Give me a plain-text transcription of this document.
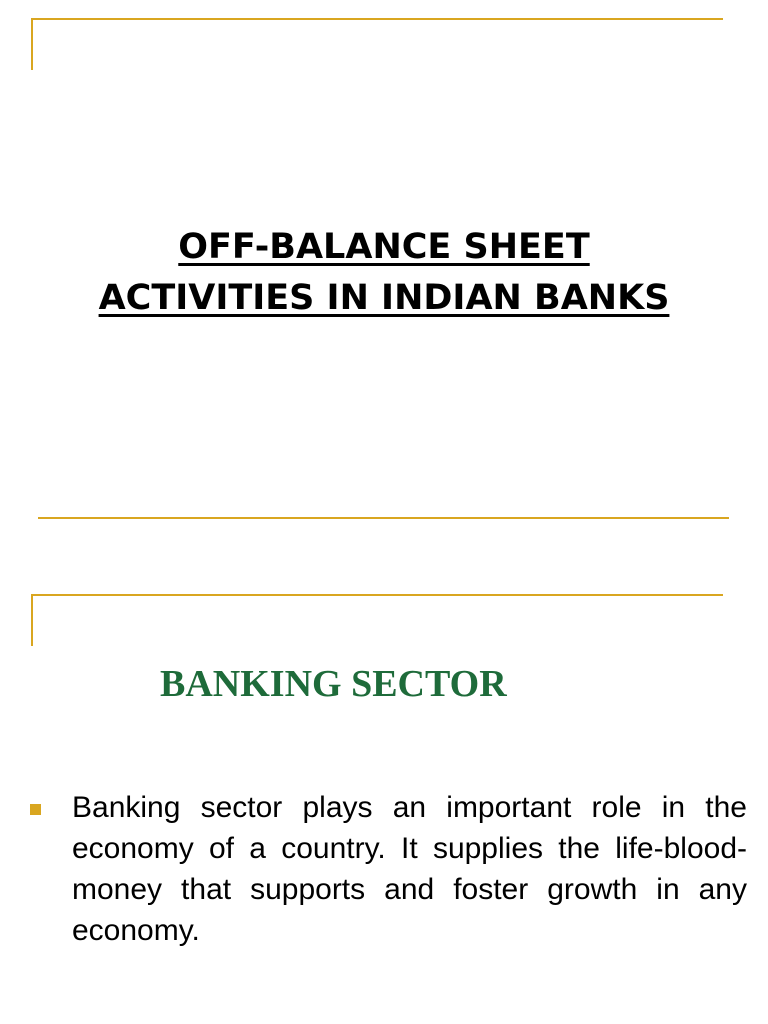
OFF-BALANCE SHEET
ACTIVITIES IN INDIAN BANKS
BANKING SECTOR
Banking sector plays an important role in the economy of a country. It supplies the life-blood-money that supports and foster growth in any economy.
